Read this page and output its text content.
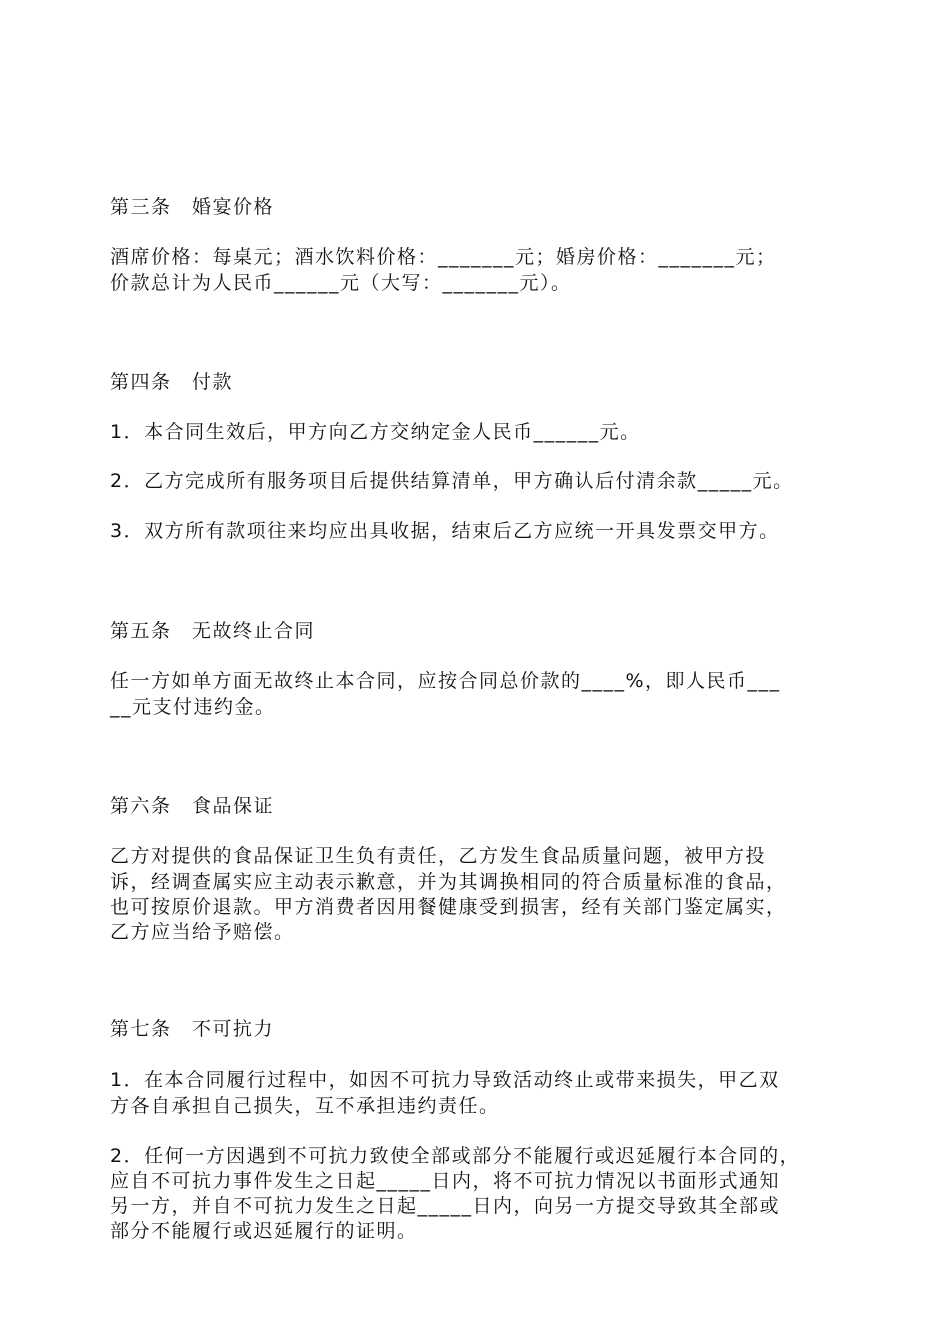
第三条　婚宴价格

酒席价格：每桌元；酒水饮料价格：_______元；婚房价格：_______元；

价款总计为人民币______元（大写：_______元）。

第四条　付款

1．本合同生效后，甲方向乙方交纳定金人民币______元。

2．乙方完成所有服务项目后提供结算清单，甲方确认后付清余款_____元。

3．双方所有款项往来均应出具收据，结束后乙方应统一开具发票交甲方。

第五条　无故终止合同

任一方如单方面无故终止本合同，应按合同总价款的____%，即人民币___

__元支付违约金。

第六条　食品保证

乙方对提供的食品保证卫生负有责任，乙方发生食品质量问题，被甲方投

诉，经调查属实应主动表示歉意，并为其调换相同的符合质量标准的食品，

也可按原价退款。甲方消费者因用餐健康受到损害，经有关部门鉴定属实，

乙方应当给予赔偿。

第七条　不可抗力

1．在本合同履行过程中，如因不可抗力导致活动终止或带来损失，甲乙双

方各自承担自己损失，互不承担违约责任。

2．任何一方因遇到不可抗力致使全部或部分不能履行或迟延履行本合同的，

应自不可抗力事件发生之日起_____日内，将不可抗力情况以书面形式通知

另一方，并自不可抗力发生之日起_____日内，向另一方提交导致其全部或

部分不能履行或迟延履行的证明。
